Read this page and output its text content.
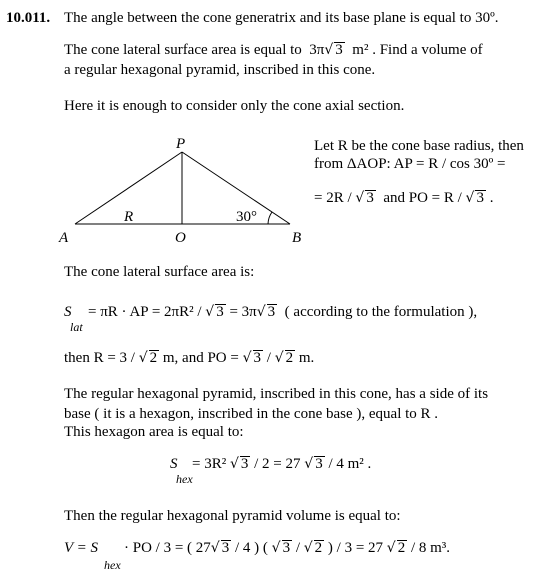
10.011. The angle between the cone generatrix and its base plane is equal to 30º.
The cone lateral surface area is equal to 3π√ 3 m² . Find a volume of
a regular hexagonal pyramid, inscribed in this cone.
Here it is enough to consider only the cone axial section.
P
A	O	B
R	30°
Let R be the cone base radius, then
from ΔAOP: AP = R / cos 30º =
= 2R / √ 3 and PO = R / √ 3 .
The cone lateral surface area is:
S
lat
= πR · AP = 2πR² / √ 3 = 3π√ 3 ( according to the formulation ),
then R = 3 / √ 2 m, and PO = √ 3 / √ 2 m.
The regular hexagonal pyramid, inscribed in this cone, has a side of its
base ( it is a hexagon, inscribed in the cone base ), equal to R .
This hexagon area is equal to:
S
hex
= 3R² √ 3 / 2 = 27 √ 3 / 4 m² .
Then the regular hexagonal pyramid volume is equal to:
V = S
hex
· PO / 3 = ( 27√ 3 / 4 ) ( √ 3 / √ 2 ) / 3 = 27 √ 2 / 8 m³.
